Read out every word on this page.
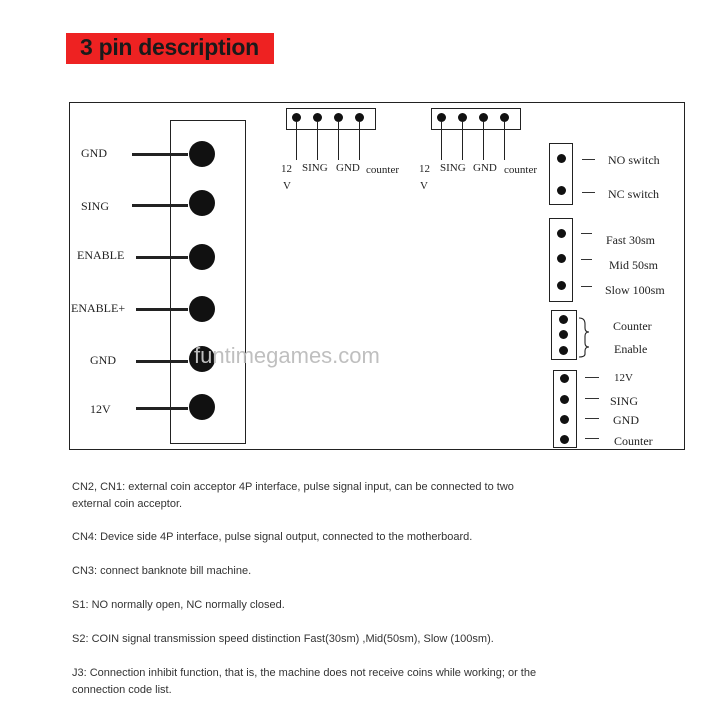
3 pin description
GND
SING
ENABLE
ENABLE+
GND
12V
12
V
SING GND counter 12
V
SING GND counter
NO switch
NC switch
Fast 30sm
Mid 50sm
Slow 100sm
Counter
Enable
12V
SING
GND
Counter
funtimegames.com
CN2, CN1: external coin acceptor 4P interface, pulse signal input, can be connected to two external coin acceptor.
CN4: Device side 4P interface, pulse signal output, connected to the motherboard.
CN3: connect banknote bill machine.
S1: NO normally open, NC normally closed.
S2: COIN signal transmission speed distinction Fast(30sm) ,Mid(50sm), Slow (100sm).
J3: Connection inhibit function, that is, the machine does not receive coins while working; or the connection code list.
